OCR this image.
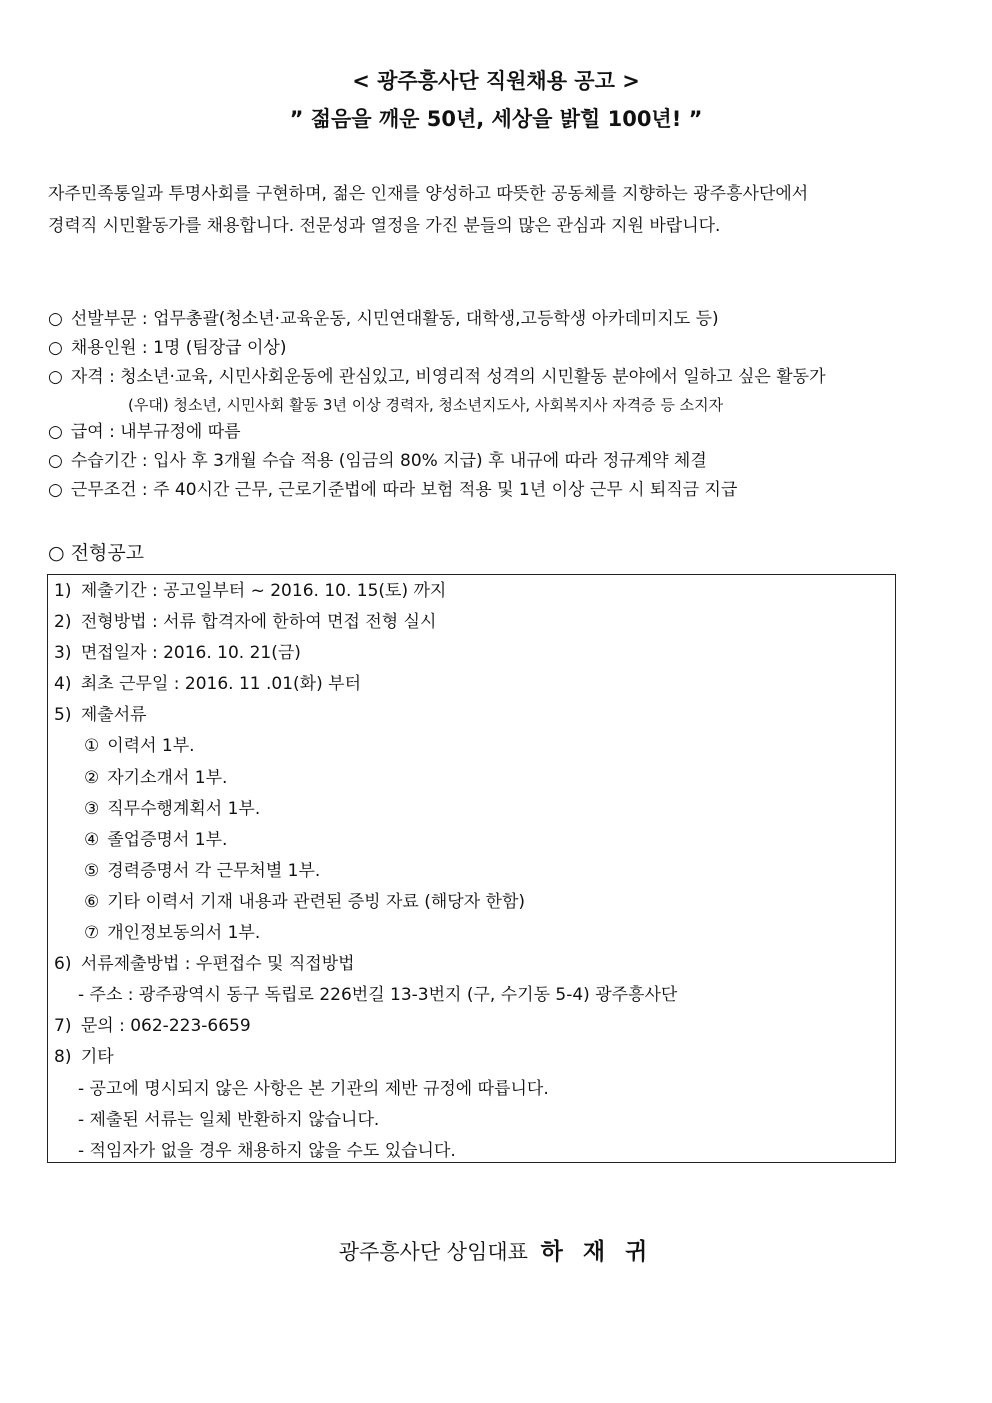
< 광주흥사단 직원채용 공고 >
” 젊음을 깨운 50년, 세상을 밝힐 100년! ”

자주민족통일과 투명사회를 구현하며, 젊은 인재를 양성하고 따뜻한 공동체를 지향하는 광주흥사단에서

경력직 시민활동가를 채용합니다. 전문성과 열정을 가진 분들의 많은 관심과 지원 바랍니다.

○ 선발부문 : 업무총괄(청소년·교육운동, 시민연대활동, 대학생,고등학생 아카데미지도 등)
○ 채용인원 : 1명 (팀장급 이상)
○ 자격 : 청소년·교육, 시민사회운동에 관심있고, 비영리적 성격의 시민활동 분야에서 일하고 싶은 활동가
(우대) 청소년, 시민사회 활동 3년 이상 경력자, 청소년지도사, 사회복지사 자격증 등 소지자
○ 급여 : 내부규정에 따름
○ 수습기간 : 입사 후 3개월 수습 적용 (임금의 80% 지급) 후 내규에 따라 정규계약 체결
○ 근무조건 : 주 40시간 근무, 근로기준법에 따라 보험 적용 및 1년 이상 근무 시 퇴직금 지급
○ 전형공고
1) 제출기간 : 공고일부터 ~ 2016. 10. 15(토) 까지
2) 전형방법 : 서류 합격자에 한하여 면접 전형 실시
3) 면접일자 : 2016. 10. 21(금)
4) 최초 근무일 : 2016. 11 .01(화) 부터
5) 제출서류
① 이력서 1부.
② 자기소개서 1부.
③ 직무수행계획서 1부.
④ 졸업증명서 1부.
⑤ 경력증명서 각 근무처별 1부.
⑥ 기타 이력서 기재 내용과 관련된 증빙 자료 (해당자 한함)
⑦ 개인정보동의서 1부.
6) 서류제출방법 : 우편접수 및 직접방법
- 주소 : 광주광역시 동구 독립로 226번길 13-3번지 (구, 수기동 5-4) 광주흥사단
7) 문의 : 062-223-6659
8) 기타
- 공고에 명시되지 않은 사항은 본 기관의 제반 규정에 따릅니다.
- 제출된 서류는 일체 반환하지 않습니다.
- 적임자가 없을 경우 채용하지 않을 수도 있습니다.
광주흥사단 상임대표 하 재 귀
